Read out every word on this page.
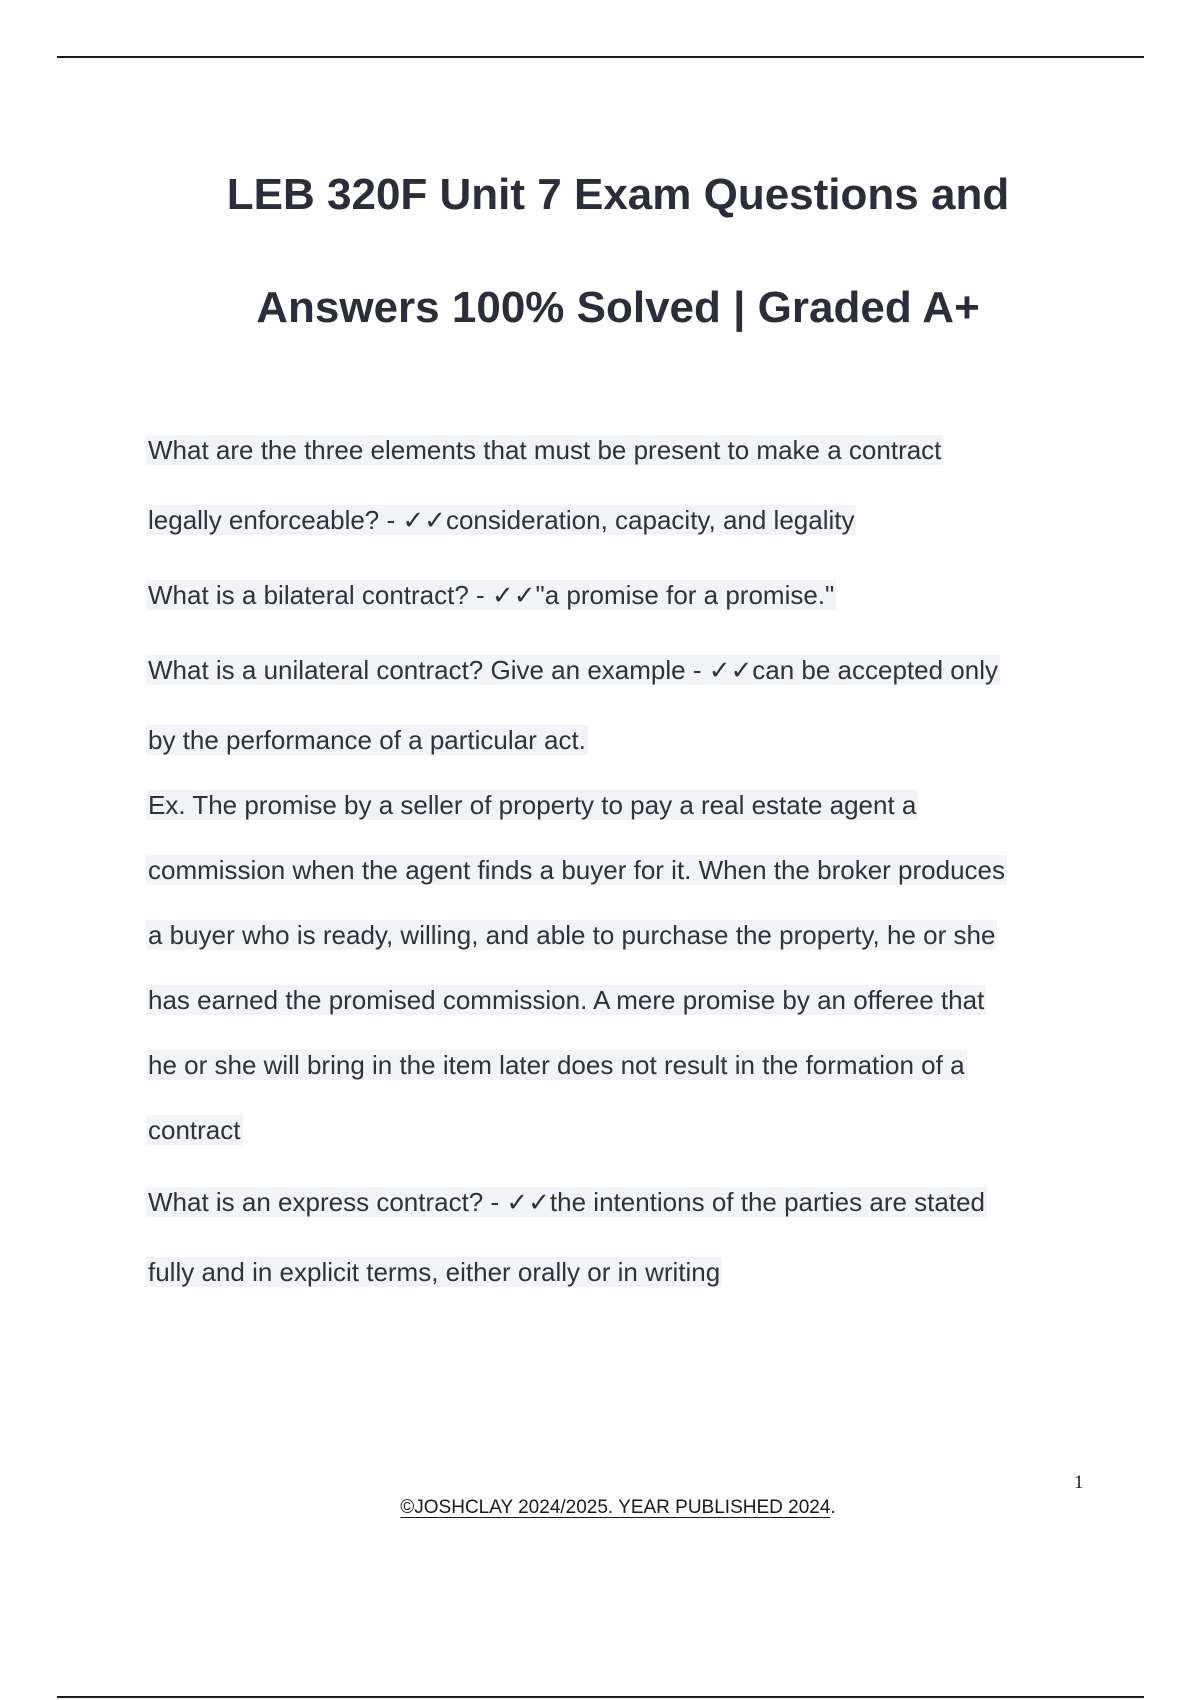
LEB 320F Unit 7 Exam Questions and
Answers 100% Solved | Graded A+
What are the three elements that must be present to make a contract
legally enforceable? - ✓✓consideration, capacity, and legality
What is a bilateral contract? - ✓✓"a promise for a promise."
What is a unilateral contract? Give an example - ✓✓can be accepted only
by the performance of a particular act.
Ex. The promise by a seller of property to pay a real estate agent a
commission when the agent finds a buyer for it. When the broker produces
a buyer who is ready, willing, and able to purchase the property, he or she
has earned the promised commission. A mere promise by an offeree that
he or she will bring in the item later does not result in the formation of a
contract
What is an express contract? - ✓✓the intentions of the parties are stated
fully and in explicit terms, either orally or in writing
1
©JOSHCLAY 2024/2025. YEAR PUBLISHED 2024.
